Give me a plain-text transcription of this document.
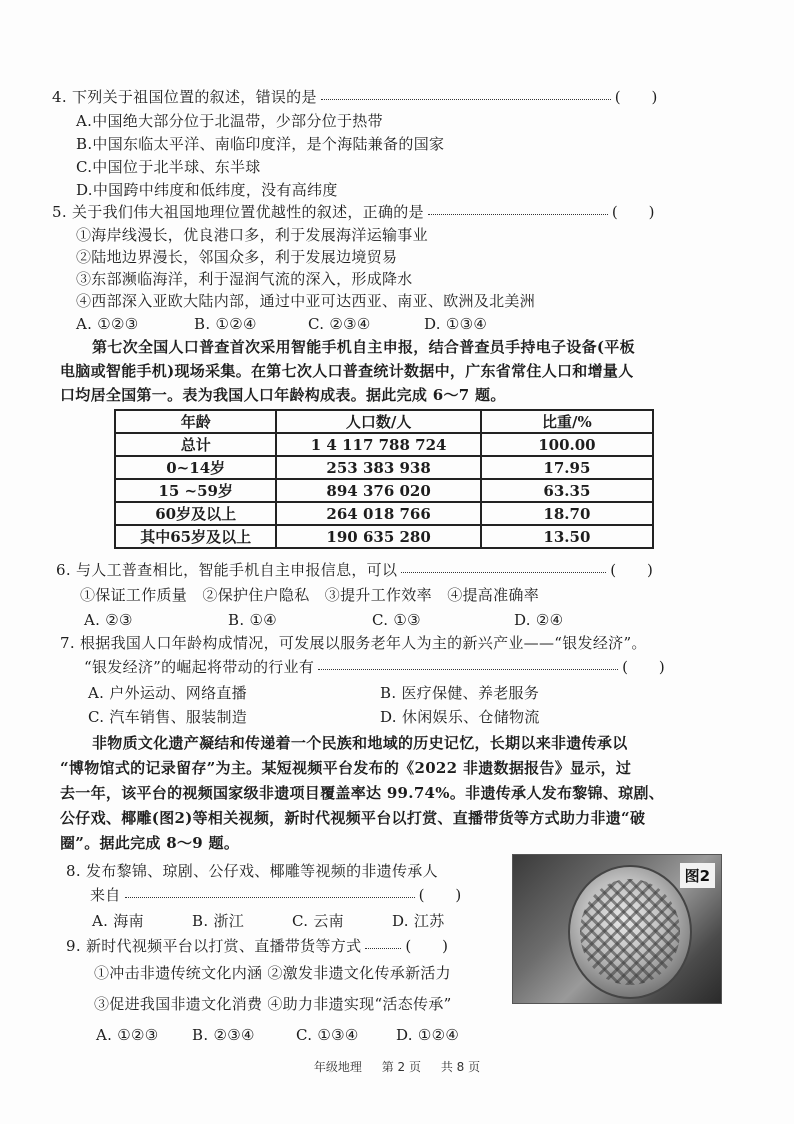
4. 下列关于祖国位置的叙述，错误的是	(　　)
A.中国绝大部分位于北温带，少部分位于热带
B.中国东临太平洋、南临印度洋，是个海陆兼备的国家
C.中国位于北半球、东半球
D.中国跨中纬度和低纬度，没有高纬度
5. 关于我们伟大祖国地理位置优越性的叙述，正确的是	(　　)
①海岸线漫长，优良港口多，利于发展海洋运输事业
②陆地边界漫长，邻国众多，利于发展边境贸易
③东部濒临海洋，利于湿润气流的深入，形成降水
④西部深入亚欧大陆内部，通过中亚可达西亚、南亚、欧洲及北美洲
A. ①②③	B. ①②④	C. ②③④	D. ①③④
第七次全国人口普查首次采用智能手机自主申报，结合普查员手持电子设备(平板
电脑或智能手机)现场采集。在第七次人口普查统计数据中，广东省常住人口和增量人
口均居全国第一。表为我国人口年龄构成表。据此完成 6～7 题。
年龄	人口数/人	比重/%
总计	1 4 117 788 724	100.00
0~14岁	253 383 938	17.95
15 ~59岁	894 376 020	63.35
60岁及以上	264 018 766	18.70
其中65岁及以上	190 635 280	13.50
6. 与人工普查相比，智能手机自主申报信息，可以	(　　)
①保证工作质量　②保护住户隐私　③提升工作效率　④提高准确率
A. ②③	B. ①④	C. ①③	D. ②④
7. 根据我国人口年龄构成情况，可发展以服务老年人为主的新兴产业——“银发经济”。
“银发经济”的崛起将带动的行业有	(　　)
A. 户外运动、网络直播	B. 医疗保健、养老服务
C. 汽车销售、服装制造	D. 休闲娱乐、仓储物流
非物质文化遗产凝结和传递着一个民族和地域的历史记忆，长期以来非遗传承以
“博物馆式的记录留存”为主。某短视频平台发布的《2022 非遗数据报告》显示，过
去一年，该平台的视频国家级非遗项目覆盖率达 99.74%。非遗传承人发布黎锦、琼剧、
公仔戏、椰雕(图2)等相关视频，新时代视频平台以打赏、直播带货等方式助力非遗“破
圈”。据此完成 8～9 题。
图2
8. 发布黎锦、琼剧、公仔戏、椰雕等视频的非遗传承人
来自	(　　)
A. 海南	B. 浙江	C. 云南	D. 江苏
9. 新时代视频平台以打赏、直播带货等方式	(　　)
①冲击非遗传统文化内涵 ②激发非遗文化传承新活力
③促进我国非遗文化消费 ④助力非遗实现“活态传承”
A. ①②③ B. ②③④	C. ①③④ D. ①②④
年级地理 第 2 页 共 8 页
